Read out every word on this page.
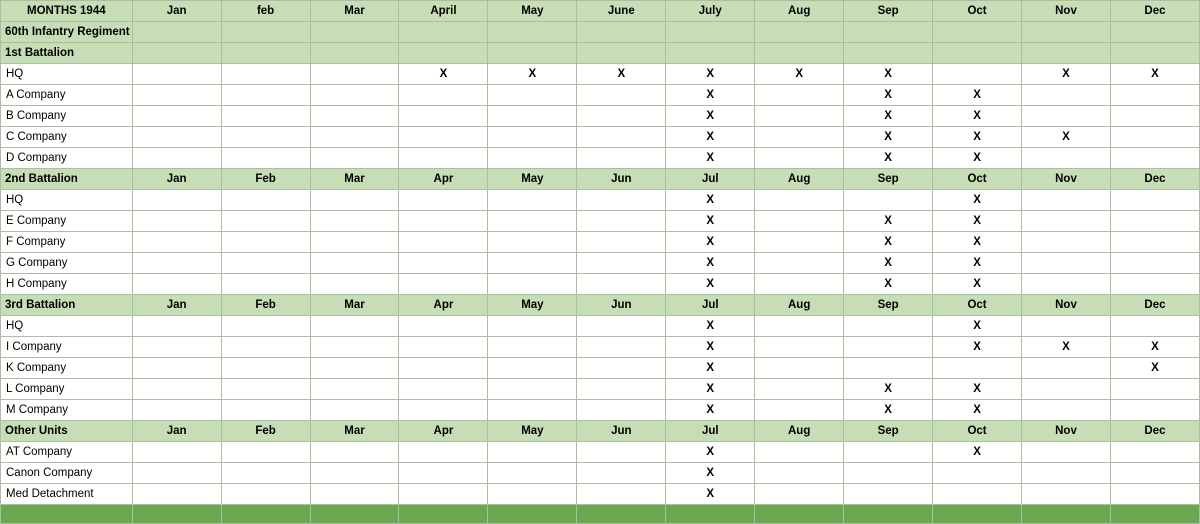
MONTHS 1944	Jan	feb	Mar	April	May	June	July	Aug	Sep	Oct	Nov	Dec
60th Infantry Regiment												
1st Battalion												
HQ				X	X	X	X	X	X		X	X
A Company							X		X	X		
B Company							X		X	X		
C Company							X		X	X	X	
D Company							X		X	X		
2nd Battalion	Jan	Feb	Mar	Apr	May	Jun	Jul	Aug	Sep	Oct	Nov	Dec
HQ							X			X		
E Company							X		X	X		
F Company							X		X	X		
G Company							X		X	X		
H Company							X		X	X		
3rd Battalion	Jan	Feb	Mar	Apr	May	Jun	Jul	Aug	Sep	Oct	Nov	Dec
HQ							X			X		
I Company							X			X	X	X
K Company							X					X
L Company							X		X	X		
M Company							X		X	X		
Other Units	Jan	Feb	Mar	Apr	May	Jun	Jul	Aug	Sep	Oct	Nov	Dec
AT Company							X			X		
Canon Company							X					
Med Detachment							X					
